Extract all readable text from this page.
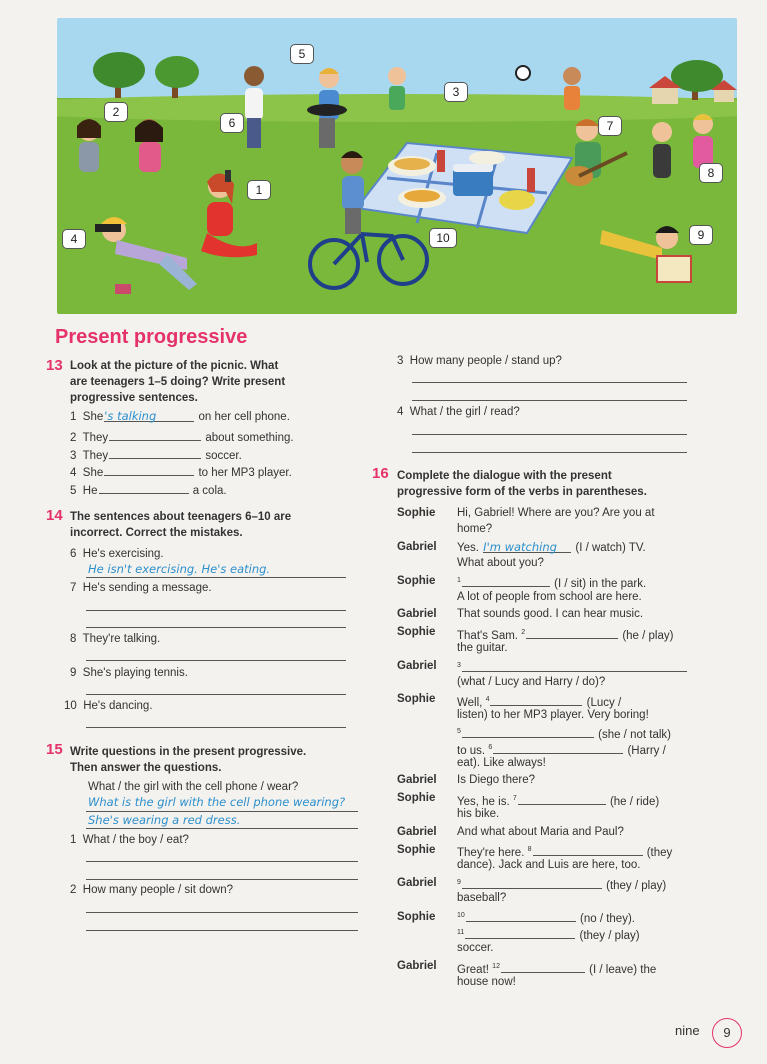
5
2
6
3
7
1
8
4	10	9
Present progressive
13 Look at the picture of the picnic. What
are teenagers 1–5 doing? Write present
progressive sentences.
1 She's talking	on her cell phone.
2 They	about something.
3 They	soccer.
4 She	to her MP3 player.
5 He	a cola.
14 The sentences about teenagers 6–10 are
incorrect. Correct the mistakes.
6 He's exercising.
He isn't exercising. He's eating.
7 He's sending a message.
8 They're talking.
9 She's playing tennis.
10 He's dancing.
15 Write questions in the present progressive.
Then answer the questions.
What / the girl with the cell phone / wear?
What is the girl with the cell phone wearing?
She's wearing a red dress.
1 What / the boy / eat?
2 How many people / sit down?
3 How many people / stand up?
4 What / the girl / read?
16 Complete the dialogue with the present
progressive form of the verbs in parentheses.
Sophie Hi, Gabriel! Where are you? Are you at
home?
Gabriel Yes. I'm watching (I / watch) TV.
What about you?
Sophie	$^1$	(I / sit) in the park.
A lot of people from school are here.
Gabriel That sounds good. I can hear music.
Sophie That's Sam. $^2$	(he / play)
the guitar.
Gabriel	$^3$
(what / Lucy and Harry / do)?
Sophie Well, $^4$	(Lucy /
listen) to her MP3 player. Very boring!
$^5$	(she / not talk)
to us. $^6$	(Harry /
eat). Like always!
Gabriel Is Diego there?
Sophie Yes, he is. $^7$	(he / ride)
his bike.
Gabriel And what about Maria and Paul?
Sophie They're here. $^8$	(they
dance). Jack and Luis are here, too.
Gabriel	$^9$	(they / play)
baseball?
Sophie	$^{10}$	(no / they).
$^{11}$	(they / play)
soccer.
Gabriel Great! $^{12}$	(I / leave) the
house now!
nine	9
